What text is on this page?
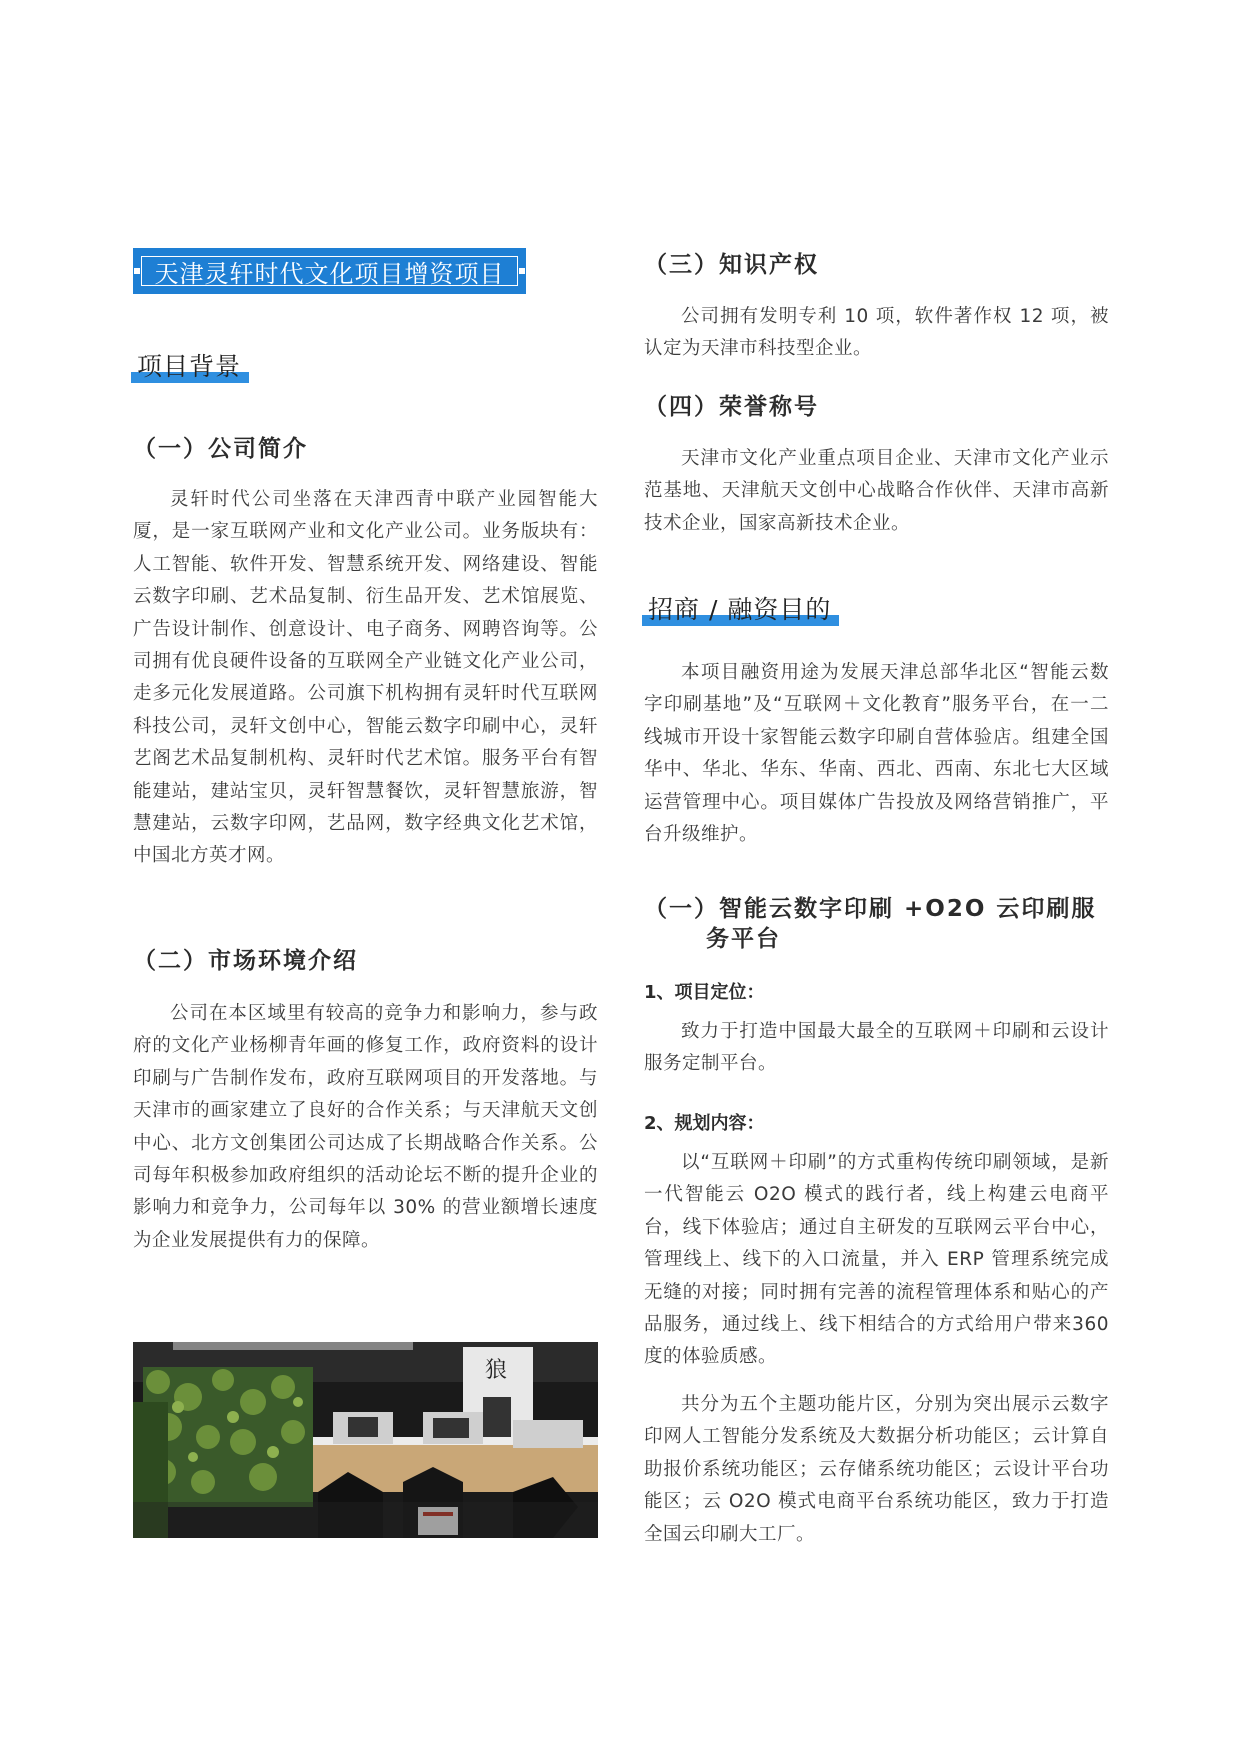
天津灵轩时代文化项目增资项目
项目背景
（一）公司简介

灵轩时代公司坐落在天津西青中联产业园智能大厦，是一家互联网产业和文化产业公司。业务版块有：人工智能、软件开发、智慧系统开发、网络建设、智能云数字印刷、艺术品复制、衍生品开发、艺术馆展览、广告设计制作、创意设计、电子商务、网聘咨询等。公司拥有优良硬件设备的互联网全产业链文化产业公司，走多元化发展道路。公司旗下机构拥有灵轩时代互联网科技公司，灵轩文创中心，智能云数字印刷中心，灵轩艺阁艺术品复制机构、灵轩时代艺术馆。服务平台有智能建站，建站宝贝，灵轩智慧餐饮，灵轩智慧旅游，智慧建站，云数字印网，艺品网，数字经典文化艺术馆，中国北方英才网。

（二）市场环境介绍

公司在本区域里有较高的竞争力和影响力，参与政府的文化产业杨柳青年画的修复工作，政府资料的设计印刷与广告制作发布，政府互联网项目的开发落地。与天津市的画家建立了良好的合作关系；与天津航天文创中心、北方文创集团公司达成了长期战略合作关系。公司每年积极参加政府组织的活动论坛不断的提升企业的影响力和竞争力，公司每年以 30% 的营业额增长速度为企业发展提供有力的保障。

狼
（三）知识产权

公司拥有发明专利 10 项，软件著作权 12 项，被认定为天津市科技型企业。

（四）荣誉称号

天津市文化产业重点项目企业、天津市文化产业示范基地、天津航天文创中心战略合作伙伴、天津市高新技术企业，国家高新技术企业。

招商 / 融资目的

本项目融资用途为发展天津总部华北区“智能云数字印刷基地”及“互联网＋文化教育”服务平台，在一二线城市开设十家智能云数字印刷自营体验店。组建全国华中、华北、华东、华南、西北、西南、东北七大区域运营管理中心。项目媒体广告投放及网络营销推广，平台升级维护。

（一）智能云数字印刷 +O2O 云印刷服
务平台
1、项目定位：

致力于打造中国最大最全的互联网＋印刷和云设计服务定制平台。

2、规划内容：

以“互联网＋印刷”的方式重构传统印刷领域，是新一代智能云 O2O 模式的践行者，线上构建云电商平台，线下体验店；通过自主研发的互联网云平台中心，管理线上、线下的入口流量，并入 ERP 管理系统完成无缝的对接；同时拥有完善的流程管理体系和贴心的产品服务，通过线上、线下相结合的方式给用户带来360度的体验质感。

共分为五个主题功能片区，分别为突出展示云数字印网人工智能分发系统及大数据分析功能区；云计算自助报价系统功能区；云存储系统功能区；云设计平台功能区；云 O2O 模式电商平台系统功能区，致力于打造全国云印刷大工厂。
